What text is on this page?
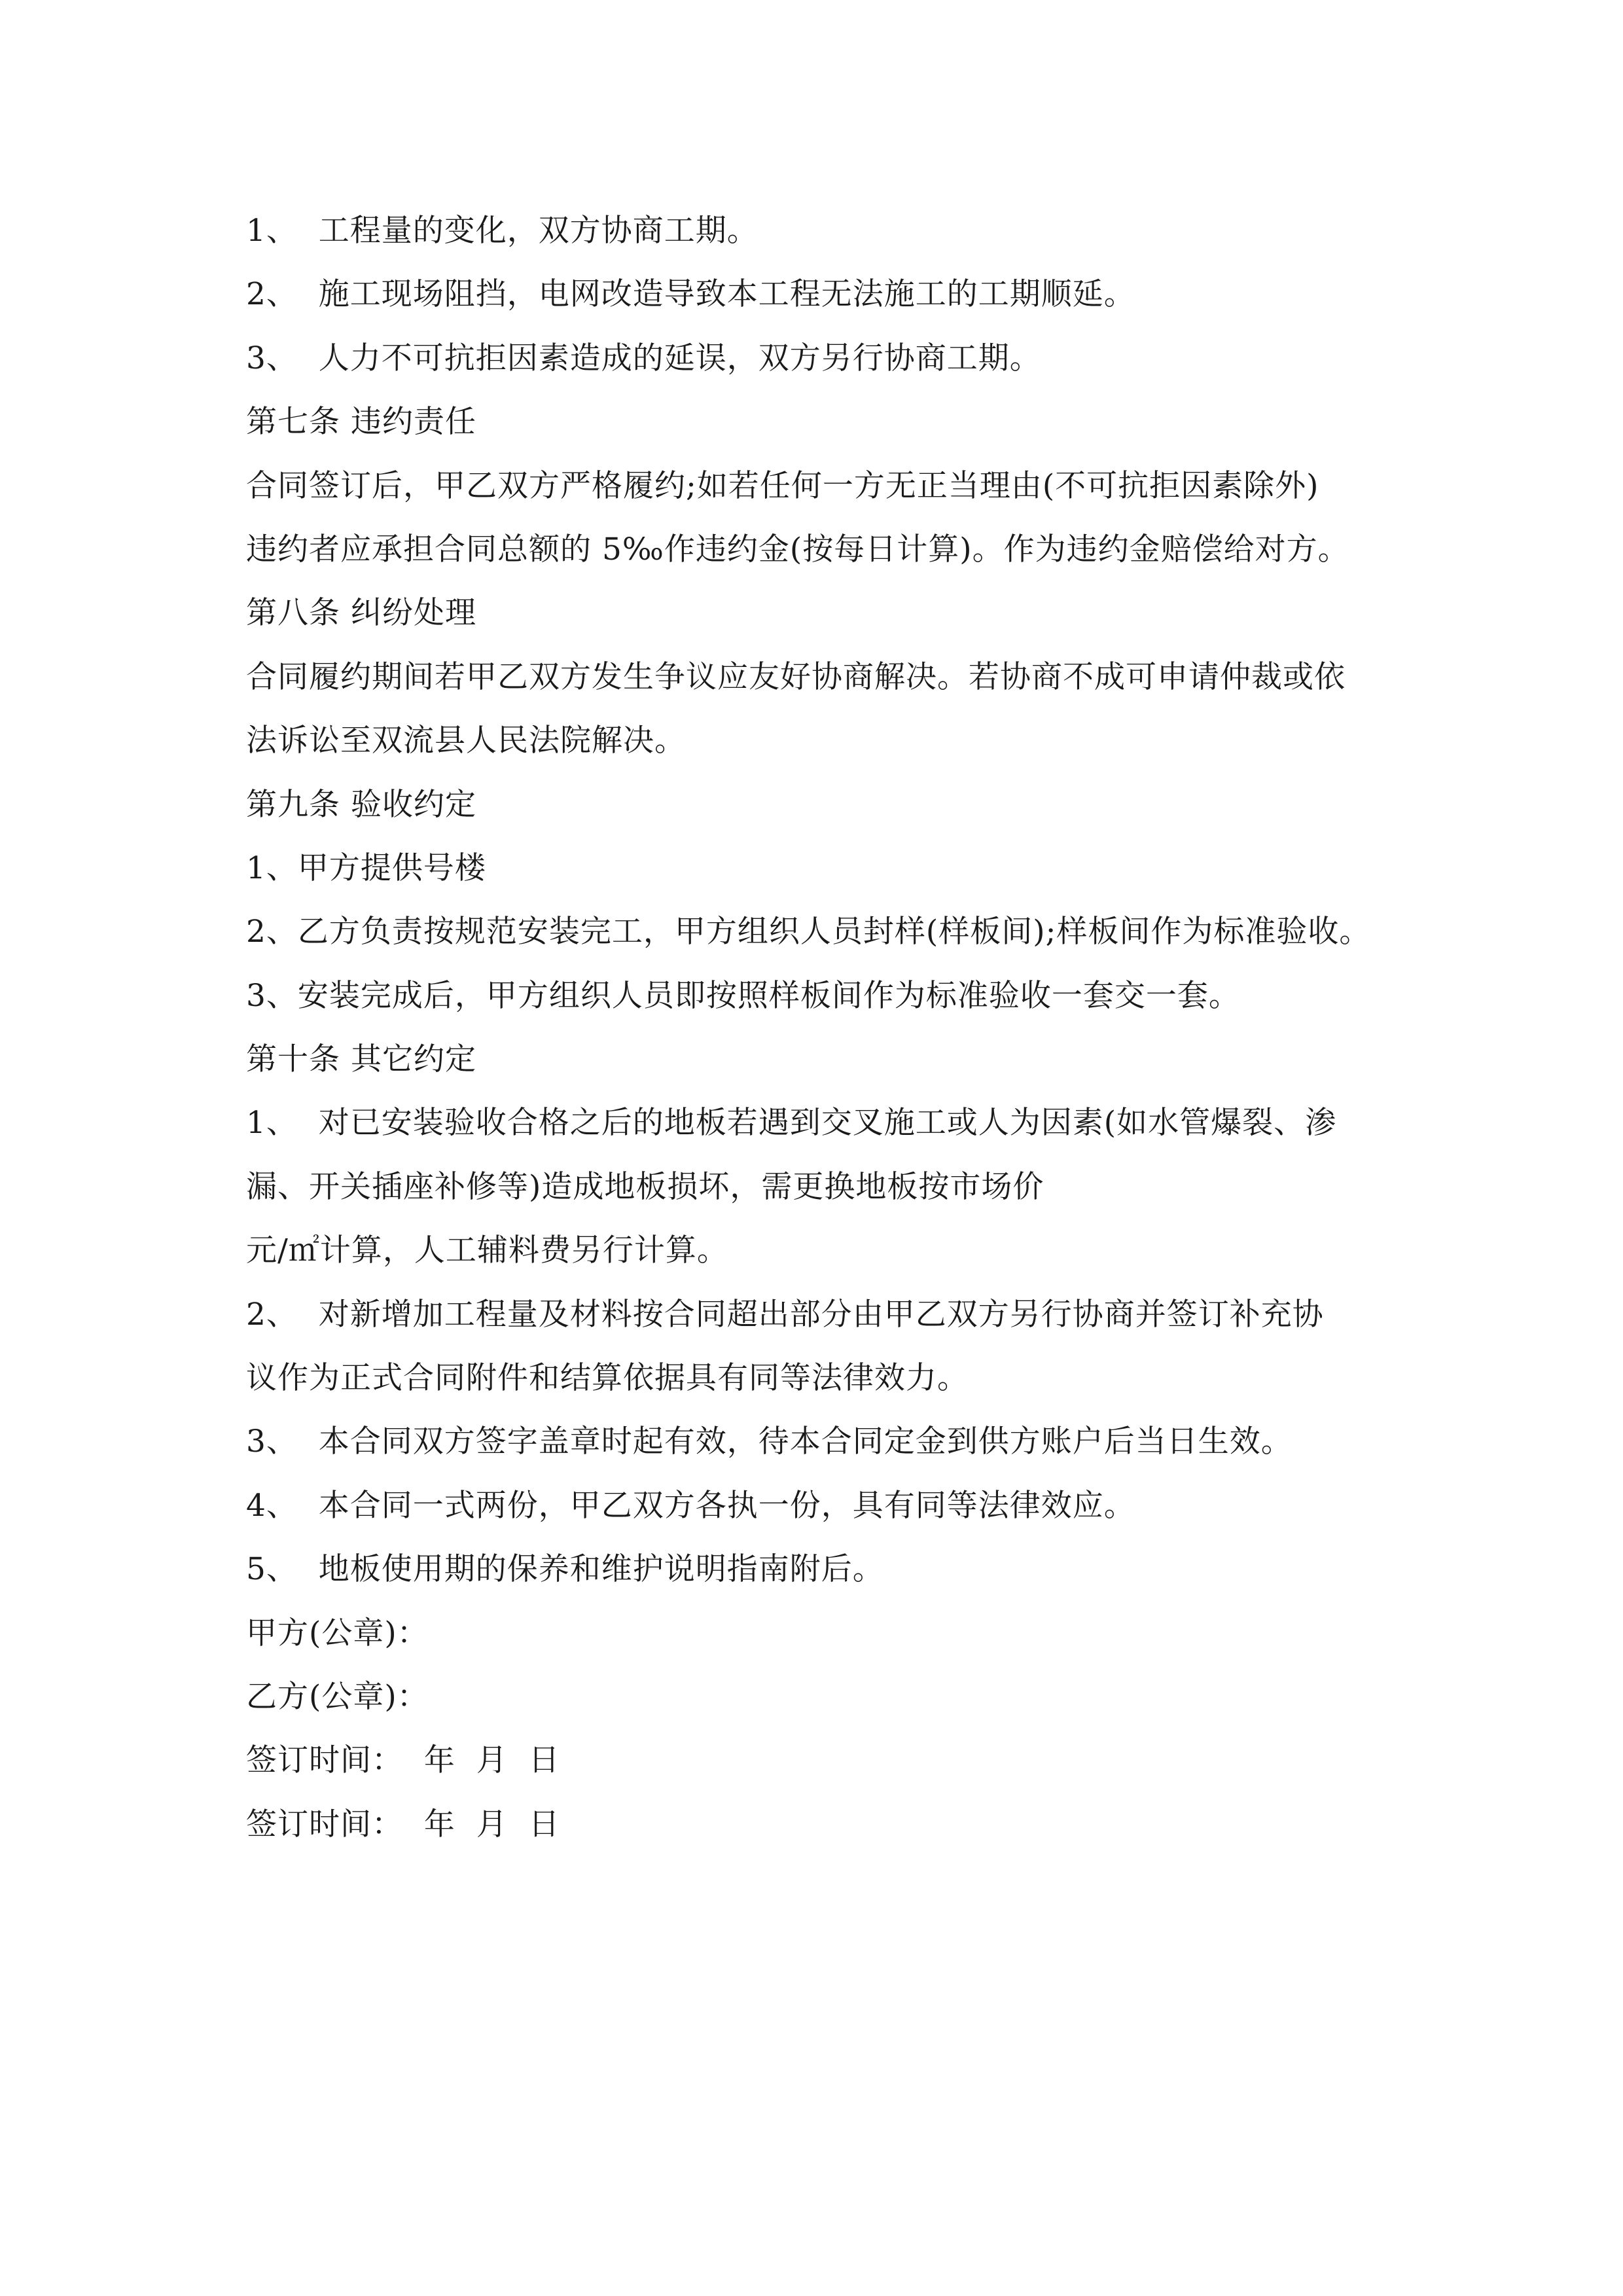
1、  工程量的变化，双方协商工期。
2、  施工现场阻挡，电网改造导致本工程无法施工的工期顺延。
3、  人力不可抗拒因素造成的延误，双方另行协商工期。
第七条 违约责任
合同签订后，甲乙双方严格履约;如若任何一方无正当理由(不可抗拒因素除外)
违约者应承担合同总额的 5‰作违约金(按每日计算)。作为违约金赔偿给对方。
第八条 纠纷处理
合同履约期间若甲乙双方发生争议应友好协商解决。若协商不成可申请仲裁或依
法诉讼至双流县人民法院解决。
第九条 验收约定
1、甲方提供号楼
2、乙方负责按规范安装完工，甲方组织人员封样(样板间);样板间作为标准验收。
3、安装完成后，甲方组织人员即按照样板间作为标准验收一套交一套。
第十条 其它约定
1、  对已安装验收合格之后的地板若遇到交叉施工或人为因素(如水管爆裂、渗
漏、开关插座补修等)造成地板损坏，需更换地板按市场价
元/㎡计算，人工辅料费另行计算。
2、  对新增加工程量及材料按合同超出部分由甲乙双方另行协商并签订补充协
议作为正式合同附件和结算依据具有同等法律效力。
3、  本合同双方签字盖章时起有效，待本合同定金到供方账户后当日生效。
4、  本合同一式两份，甲乙双方各执一份，具有同等法律效应。
5、  地板使用期的保养和维护说明指南附后。
甲方(公章)：
乙方(公章)：
签订时间：  年  月  日
签订时间：  年  月  日
